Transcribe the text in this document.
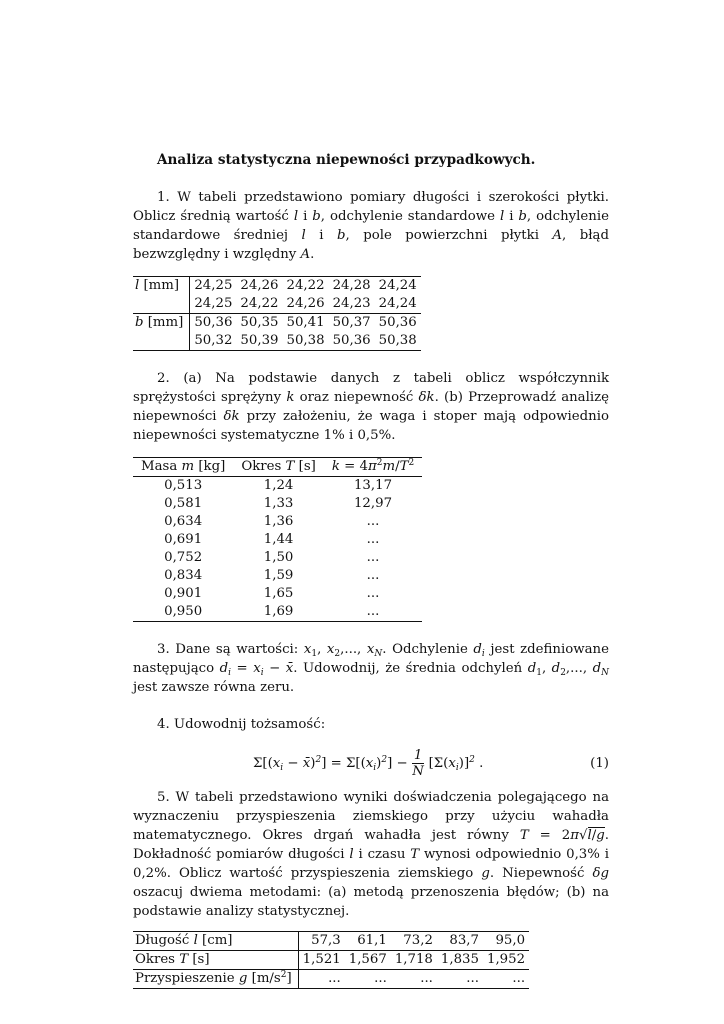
Analiza statystyczna niepewności przypadkowych.

1. W tabeli przedstawiono pomiary długości i szerokości płytki. Oblicz średnią wartość l i b, odchylenie standardowe l i b, odchylenie standardowe średniej l i b, pole powierzchni płytki A, błąd bezwzględny i względny A.

l [mm]	24,25	24,26	24,22	24,28	24,24
	24,25	24,22	24,26	24,23	24,24
b [mm]	50,36	50,35	50,41	50,37	50,36
	50,32	50,39	50,38	50,36	50,38

2. (a) Na podstawie danych z tabeli oblicz współczynnik sprężystości sprężyny k oraz niepewność δk. (b) Przeprowadź analizę niepewności δk przy założeniu, że waga i stoper mają odpowiednio niepewności systematyczne 1% i 0,5%.

Masa m [kg]	Okres T [s]	$k = 4\pi^2m/T^2$
0,513	1,24	13,17
0,581	1,33	12,97
0,634	1,36	...
0,691	1,44	...
0,752	1,50	...
0,834	1,59	...
0,901	1,65	...
0,950	1,69	...

3. Dane są wartości: $x_1$, $x_2$,..., $x_N$. Odchylenie $d_i$ jest zdefiniowane następująco $d_i = x_i$ − x̄. Udowodnij, że średnia odchyleń $d_1$, $d_2$,..., $d_N$ jest zawsze równa zeru.

4. Udowodnij tożsamość:

$\Sigma[(x_i$ − x̄)$^2$] = $\Sigma[(x_i)^2] - \frac{1}{N} [\Sigma(x_i)]^2$ .	(1)

5. W tabeli przedstawiono wyniki doświadczenia polegającego na wyznaczeniu przyspieszenia ziemskiego przy użyciu wahadła matematycznego. Okres drgań wahadła jest równy T = 2π√l/g. Dokładność pomiarów długości l i czasu T wynosi odpowiednio 0,3% i 0,2%. Oblicz wartość przyspieszenia ziemskiego g. Niepewność δg oszacuj dwiema metodami: (a) metodą przenoszenia błędów; (b) na podstawie analizy statystycznej.

Długość l [cm]	57,3	61,1	73,2	83,7	95,0
Okres T [s]	1,521	1,567	1,718	1,835	1,952
Przyspieszenie g $[m/s^2]$	...	...	...	...	...
